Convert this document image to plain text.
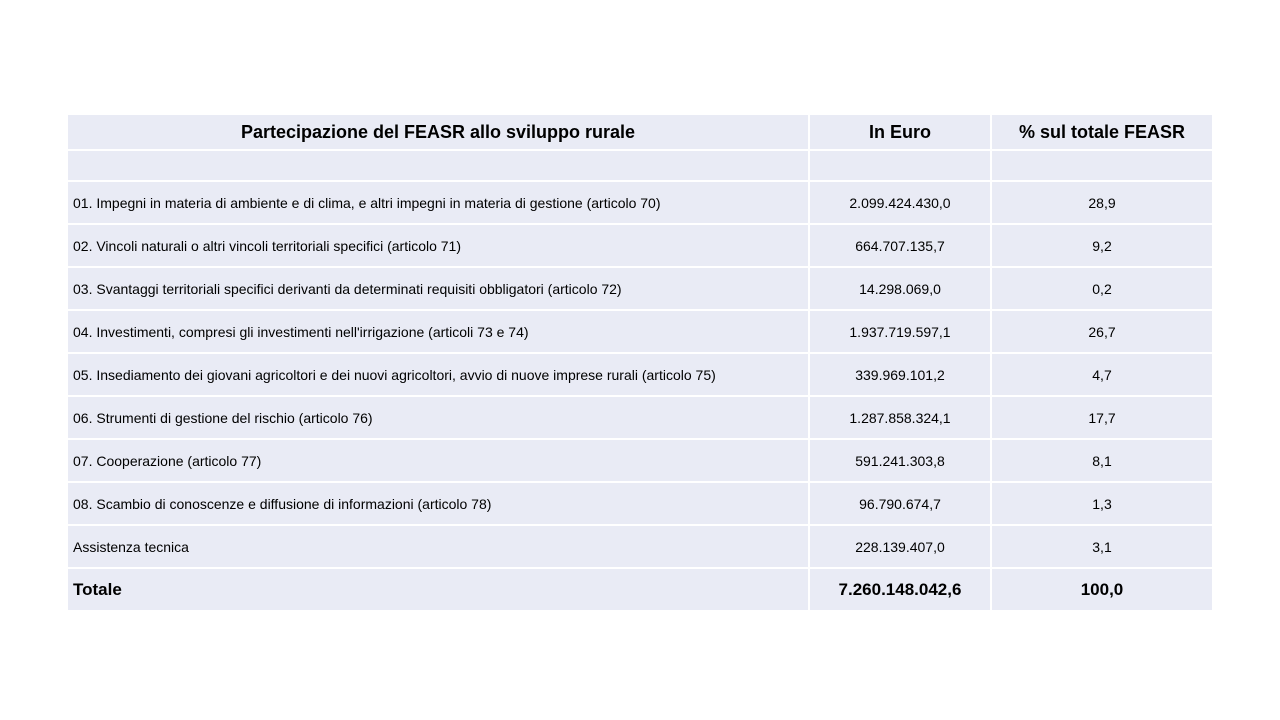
Partecipazione del FEASR allo sviluppo rurale	In Euro	% sul totale FEASR

01. Impegni in materia di ambiente e di clima, e altri impegni in materia di gestione (articolo 70)	2.099.424.430,0	28,9
02. Vincoli naturali o altri vincoli territoriali specifici (articolo 71)	664.707.135,7	9,2
03. Svantaggi territoriali specifici derivanti da determinati requisiti obbligatori (articolo 72)	14.298.069,0	0,2
04. Investimenti, compresi gli investimenti nell'irrigazione (articoli 73 e 74)	1.937.719.597,1	26,7
05. Insediamento dei giovani agricoltori e dei nuovi agricoltori, avvio di nuove imprese rurali (articolo 75)	339.969.101,2	4,7
06. Strumenti di gestione del rischio (articolo 76)	1.287.858.324,1	17,7
07. Cooperazione (articolo 77)	591.241.303,8	8,1
08. Scambio di conoscenze e diffusione di informazioni (articolo 78)	96.790.674,7	1,3
Assistenza tecnica	228.139.407,0	3,1
Totale	7.260.148.042,6	100,0
